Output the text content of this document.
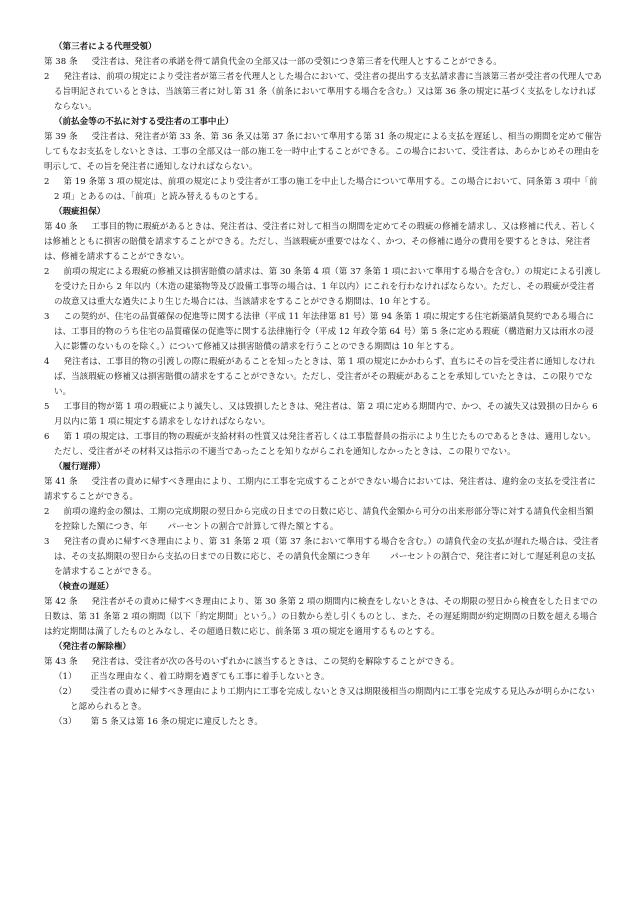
（第三者による代理受領）
第 38 条 受注者は、発注者の承諾を得て請負代金の全部又は一部の受領につき第三者を代理人とすることができる。
2 発注者は、前項の規定により受注者が第三者を代理人とした場合において、受注者の提出する支払請求書に当該第三者が受注者の代理人である旨明記されているときは、当該第三者に対し第 31 条（前条において準用する場合を含む。）又は第 36 条の規定に基づく支払をしなければならない。
（前払金等の不払に対する受注者の工事中止）
第 39 条 受注者は、発注者が第 33 条、第 36 条又は第 37 条において準用する第 31 条の規定による支払を遅延し、相当の期間を定めて催告してもなお支払をしないときは、工事の全部又は一部の施工を一時中止することができる。この場合において、受注者は、あらかじめその理由を明示して、その旨を発注者に通知しなければならない。
2 第 19 条第 3 項の規定は、前項の規定により受注者が工事の施工を中止した場合について準用する。この場合において、同条第 3 項中「前 2 項」とあるのは、「前項」と読み替えるものとする。
（瑕疵担保）
第 40 条 工事目的物に瑕疵があるときは、発注者は、受注者に対して相当の期間を定めてその瑕疵の修補を請求し、又は修補に代え、若しくは修補とともに損害の賠償を請求することができる。ただし、当該瑕疵が重要ではなく、かつ、その修補に過分の費用を要するときは、発注者は、修補を請求することができない。
2 前項の規定による瑕疵の修補又は損害賠償の請求は、第 30 条第 4 項（第 37 条第 1 項において準用する場合を含む。）の規定による引渡しを受けた日から 2 年以内（木造の建築物等及び設備工事等の場合は、1 年以内）にこれを行わなければならない。ただし、その瑕疵が受注者の故意又は重大な過失により生じた場合には、当該請求をすることができる期間は、10 年とする。
3 この契約が、住宅の品質確保の促進等に関する法律（平成 11 年法律第 81 号）第 94 条第 1 項に規定する住宅新築請負契約である場合には、工事目的物のうち住宅の品質確保の促進等に関する法律施行令（平成 12 年政令第 64 号）第 5 条に定める瑕疵（構造耐力又は雨水の浸入に影響のないものを除く。）について修補又は損害賠償の請求を行うことのできる期間は 10 年とする。
4 発注者は、工事目的物の引渡しの際に瑕疵があることを知ったときは、第 1 項の規定にかかわらず、直ちにその旨を受注者に通知しなければ、当該瑕疵の修補又は損害賠償の請求をすることができない。ただし、受注者がその瑕疵があることを承知していたときは、この限りでない。
5 工事目的物が第 1 項の瑕疵により滅失し、又は毀損したときは、発注者は、第 2 項に定める期間内で、かつ、その滅失又は毀損の日から 6 月以内に第 1 項に規定する請求をしなければならない。
6 第 1 項の規定は、工事目的物の瑕疵が支給材料の性質又は発注者若しくは工事監督員の指示により生じたものであるときは、適用しない。ただし、受注者がその材料又は指示の不適当であったことを知りながらこれを通知しなかったときは、この限りでない。
（履行遅滞）
第 41 条 受注者の責めに帰すべき理由により、工期内に工事を完成することができない場合においては、発注者は、違約金の支払を受注者に請求することができる。
2 前項の違約金の額は、工期の完成期限の翌日から完成の日までの日数に応じ、請負代金額から可分の出来形部分等に対する請負代金相当額を控除した額につき、年 パーセントの割合で計算して得た額とする。
3 発注者の責めに帰すべき理由により、第 31 条第 2 項（第 37 条において準用する場合を含む。）の請負代金の支払が遅れた場合は、受注者は、その支払期限の翌日から支払の日までの日数に応じ、その請負代金額につき年 パーセントの割合で、発注者に対して遅延利息の支払を請求することができる。
（検査の遅延）
第 42 条 発注者がその責めに帰すべき理由により、第 30 条第 2 項の期間内に検査をしないときは、その期限の翌日から検査をした日までの日数は、第 31 条第 2 項の期間（以下「約定期間」という。）の日数から差し引くものとし、また、その遅延期間が約定期間の日数を超える場合は約定期間は満了したものとみなし、その超過日数に応じ、前条第 3 項の規定を適用するものとする。
（発注者の解除権）
第 43 条 発注者は、受注者が次の各号のいずれかに該当するときは、この契約を解除することができる。
（1） 正当な理由なく、着工時期を過ぎても工事に着手しないとき。
（2） 受注者の責めに帰すべき理由により工期内に工事を完成しないとき又は期限後相当の期間内に工事を完成する見込みが明らかにないと認められるとき。
（3） 第 5 条又は第 16 条の規定に違反したとき。
